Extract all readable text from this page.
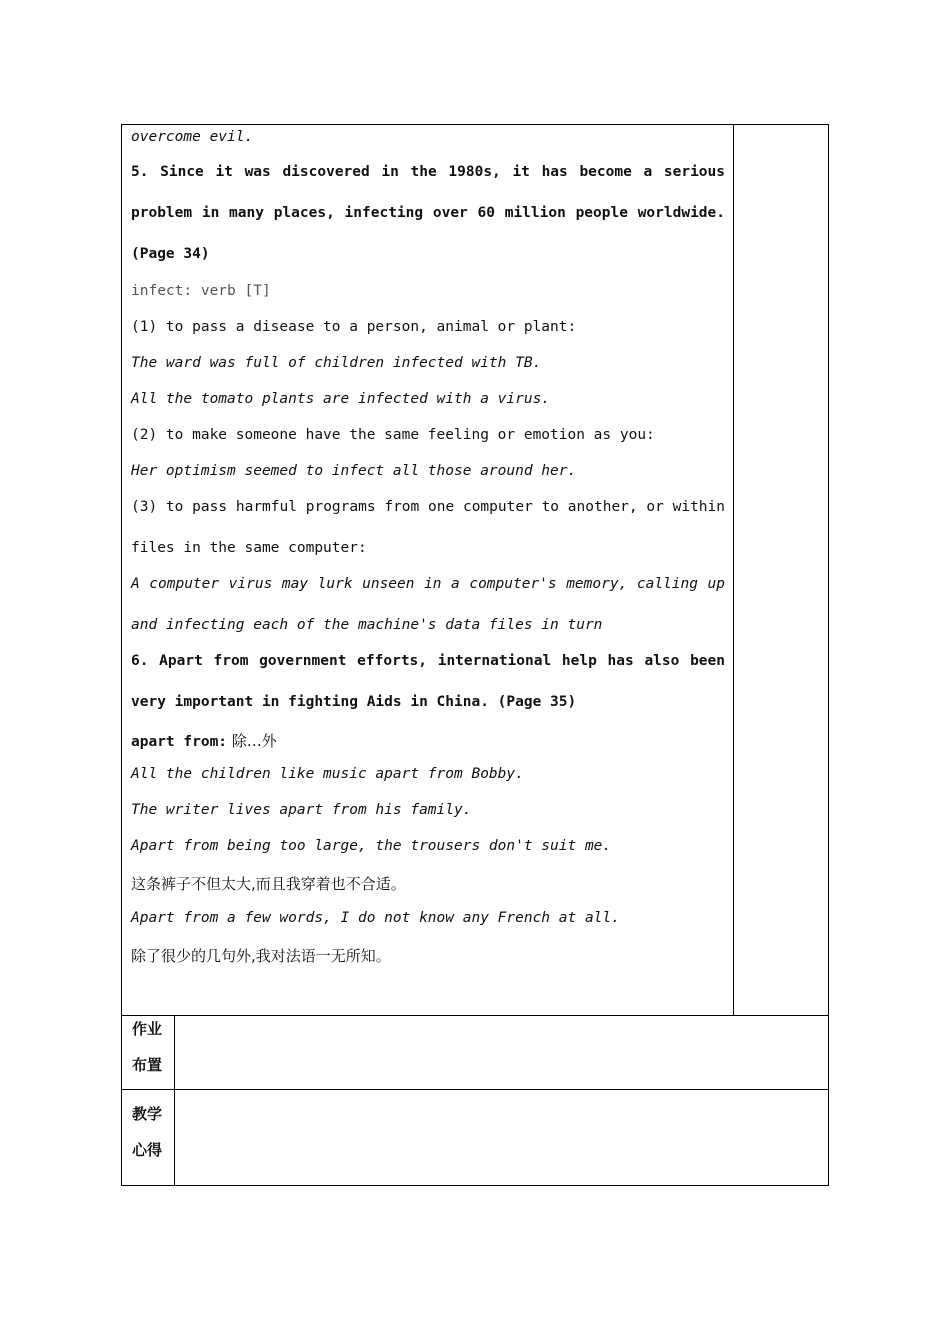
作业
布置
教学
心得
overcome evil.
5. Since it was discovered in the 1980s, it has become a serious
problem in many places, infecting over 60 million people worldwide.
(Page 34)
infect: verb [T]
(1) to pass a disease to a person, animal or plant:
The ward was full of children infected with TB.
All the tomato plants are infected with a virus.
(2) to make someone have the same feeling or emotion as you:
Her optimism seemed to infect all those around her.
(3) to pass harmful programs from one computer to another, or within
files in the same computer:
A computer virus may lurk unseen in a computer's memory, calling up
and infecting each of the machine's data files in turn
6. Apart from government efforts, international help has also been
very important in fighting Aids in China. (Page 35)
apart from: 除…外
All the children like music apart from Bobby.
The writer lives apart from his family.
Apart from being too large, the trousers don't suit me.
这条裤子不但太大,而且我穿着也不合适。
Apart from a few words, I do not know any French at all.
除了很少的几句外,我对法语一无所知。
